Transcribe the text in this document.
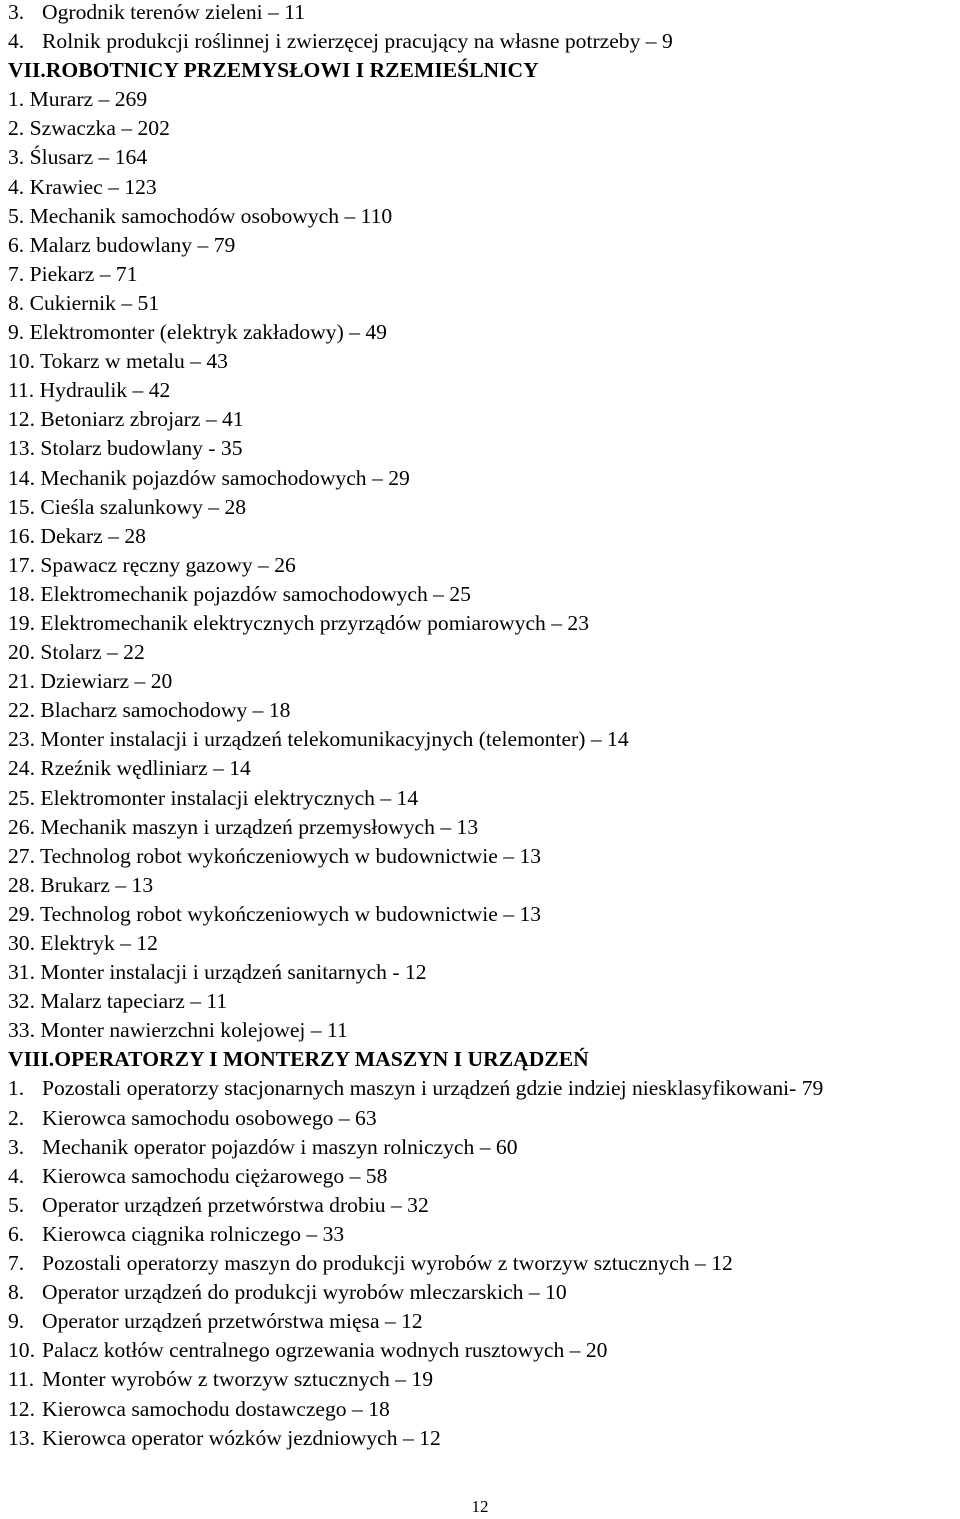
3. Ogrodnik terenów zieleni – 11
4. Rolnik produkcji roślinnej i zwierzęcej pracujący na własne potrzeby – 9
VII.ROBOTNICY PRZEMYSŁOWI I RZEMIEŚLNICY
1. Murarz – 269
2. Szwaczka – 202
3. Ślusarz – 164
4. Krawiec – 123
5. Mechanik samochodów osobowych – 110
6. Malarz budowlany – 79
7. Piekarz – 71
8. Cukiernik – 51
9. Elektromonter (elektryk zakładowy) – 49
10. Tokarz w metalu – 43
11. Hydraulik – 42
12. Betoniarz zbrojarz – 41
13. Stolarz budowlany - 35
14. Mechanik pojazdów samochodowych – 29
15. Cieśla szalunkowy – 28
16. Dekarz – 28
17. Spawacz ręczny gazowy – 26
18. Elektromechanik pojazdów samochodowych – 25
19. Elektromechanik elektrycznych przyrządów pomiarowych – 23
20. Stolarz – 22
21. Dziewiarz – 20
22. Blacharz samochodowy – 18
23. Monter instalacji i urządzeń telekomunikacyjnych (telemonter) – 14
24. Rzeźnik wędliniarz – 14
25. Elektromonter instalacji elektrycznych – 14
26. Mechanik maszyn i urządzeń przemysłowych – 13
27. Technolog robot wykończeniowych w budownictwie – 13
28. Brukarz – 13
29. Technolog robot wykończeniowych w budownictwie – 13
30. Elektryk – 12
31. Monter instalacji i urządzeń sanitarnych - 12
32. Malarz tapeciarz – 11
33. Monter nawierzchni kolejowej – 11
VIII.OPERATORZY I MONTERZY MASZYN I URZĄDZEŃ
1. Pozostali operatorzy stacjonarnych maszyn i urządzeń gdzie indziej niesklasyfikowani- 79
2. Kierowca samochodu osobowego – 63
3. Mechanik operator pojazdów i maszyn rolniczych – 60
4. Kierowca samochodu ciężarowego – 58
5. Operator urządzeń przetwórstwa drobiu – 32
6. Kierowca ciągnika rolniczego – 33
7. Pozostali operatorzy maszyn do produkcji wyrobów z tworzyw sztucznych – 12
8. Operator urządzeń do produkcji wyrobów mleczarskich – 10
9. Operator urządzeń przetwórstwa mięsa – 12
10. Palacz kotłów centralnego ogrzewania wodnych rusztowych – 20
11. Monter wyrobów z tworzyw sztucznych – 19
12. Kierowca samochodu dostawczego – 18
13. Kierowca operator wózków jezdniowych – 12
12
